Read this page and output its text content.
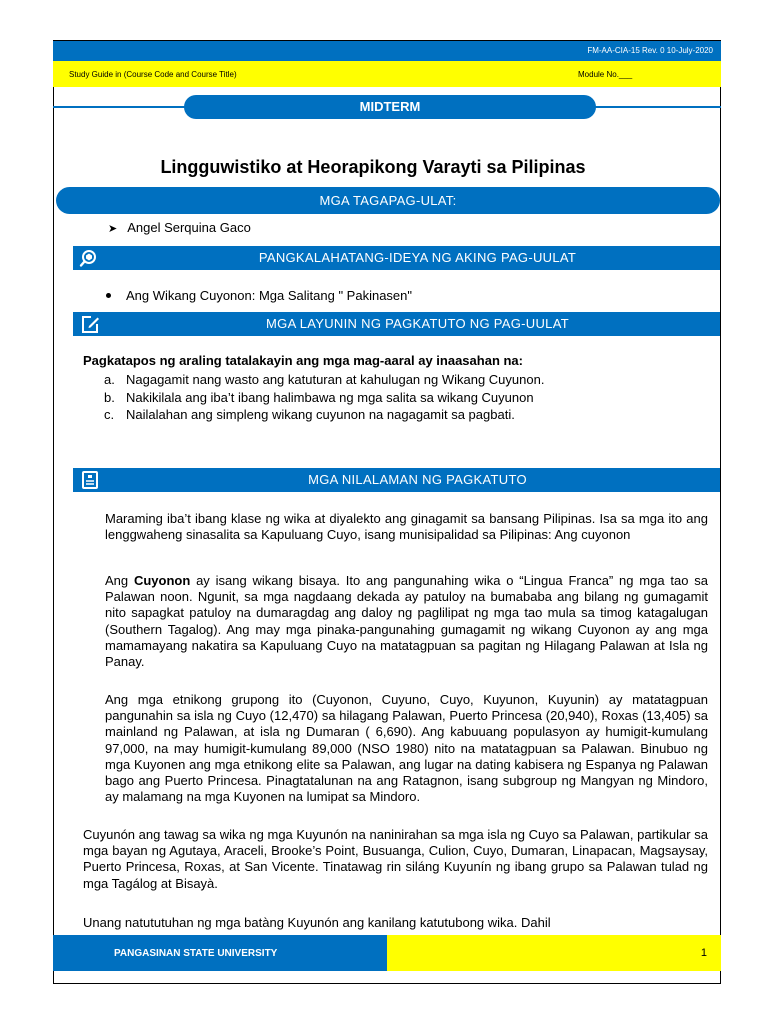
FM-AA-CIA-15 Rev. 0 10-July-2020
Study Guide in (Course Code and Course Title)	Module No.___
MIDTERM
Lingguwistiko at Heorapikong Varayti sa Pilipinas
MGA TAGAPAG-ULAT:
➤ Angel Serquina Gaco
PANGKALAHATANG-IDEYA NG AKING PAG-UULAT
Ang Wikang Cuyonon: Mga Salitang " Pakinasen"
MGA LAYUNIN NG PAGKATUTO NG PAG-UULAT
Pagkatapos ng araling tatalakayin ang mga mag-aaral ay inaasahan na:
a. Nagagamit nang wasto ang katuturan at kahulugan ng Wikang Cuyunon.
b. Nakikilala ang iba’t ibang halimbawa ng mga salita sa wikang Cuyunon
c. Nailalahan ang simpleng wikang cuyunon na nagagamit sa pagbati.
MGA NILALAMAN NG PAGKATUTO
Maraming iba’t ibang klase ng wika at diyalekto ang ginagamit sa bansang Pilipinas. Isa sa mga ito ang lenggwaheng sinasalita sa Kapuluang Cuyo, isang munisipalidad sa Pilipinas: Ang cuyonon
Ang Cuyonon ay isang wikang bisaya. Ito ang pangunahing wika o “Lingua Franca” ng mga tao sa Palawan noon. Ngunit, sa mga nagdaang dekada ay patuloy na bumababa ang bilang ng gumagamit nito sapagkat patuloy na dumaragdag ang daloy ng paglilipat ng mga tao mula sa timog katagalugan (Southern Tagalog). Ang may mga pinaka-pangunahing gumagamit ng wikang Cuyonon ay ang mga mamamayang nakatira sa Kapuluang Cuyo na matatagpuan sa pagitan ng Hilagang Palawan at Isla ng Panay.
Ang mga etnikong grupong ito (Cuyonon, Cuyuno, Cuyo, Kuyunon, Kuyunin) ay matatagpuan pangunahin sa isla ng Cuyo (12,470) sa hilagang Palawan, Puerto Princesa (20,940), Roxas (13,405) sa mainland ng Palawan, at isla ng Dumaran ( 6,690). Ang kabuuang populasyon ay humigit-kumulang 97,000, na may humigit-kumulang 89,000 (NSO 1980) nito na matatagpuan sa Palawan. Binubuo ng mga Kuyonen ang mga etnikong elite sa Palawan, ang lugar na dating kabisera ng Espanya ng Palawan bago ang Puerto Princesa. Pinagtatalunan na ang Ratagnon, isang subgroup ng Mangyan ng Mindoro, ay malamang na mga Kuyonen na lumipat sa Mindoro.
Cuyunón ang tawag sa wika ng mga Kuyunón na naninirahan sa mga isla ng Cuyo sa Palawan, partikular sa mga bayan ng Agutaya, Araceli, Brooke’s Point, Busuanga, Culion, Cuyo, Dumaran, Linapacan, Magsaysay, Puerto Princesa, Roxas, at San Vicente. Tinatawag rin siláng Kuyunín ng ibang grupo sa Palawan tulad ng mga Tagálog at Bisayà.
Unang natututuhan ng mga batàng Kuyunón ang kanilang katutubong wika. Dahil
PANGASINAN STATE UNIVERSITY	1
